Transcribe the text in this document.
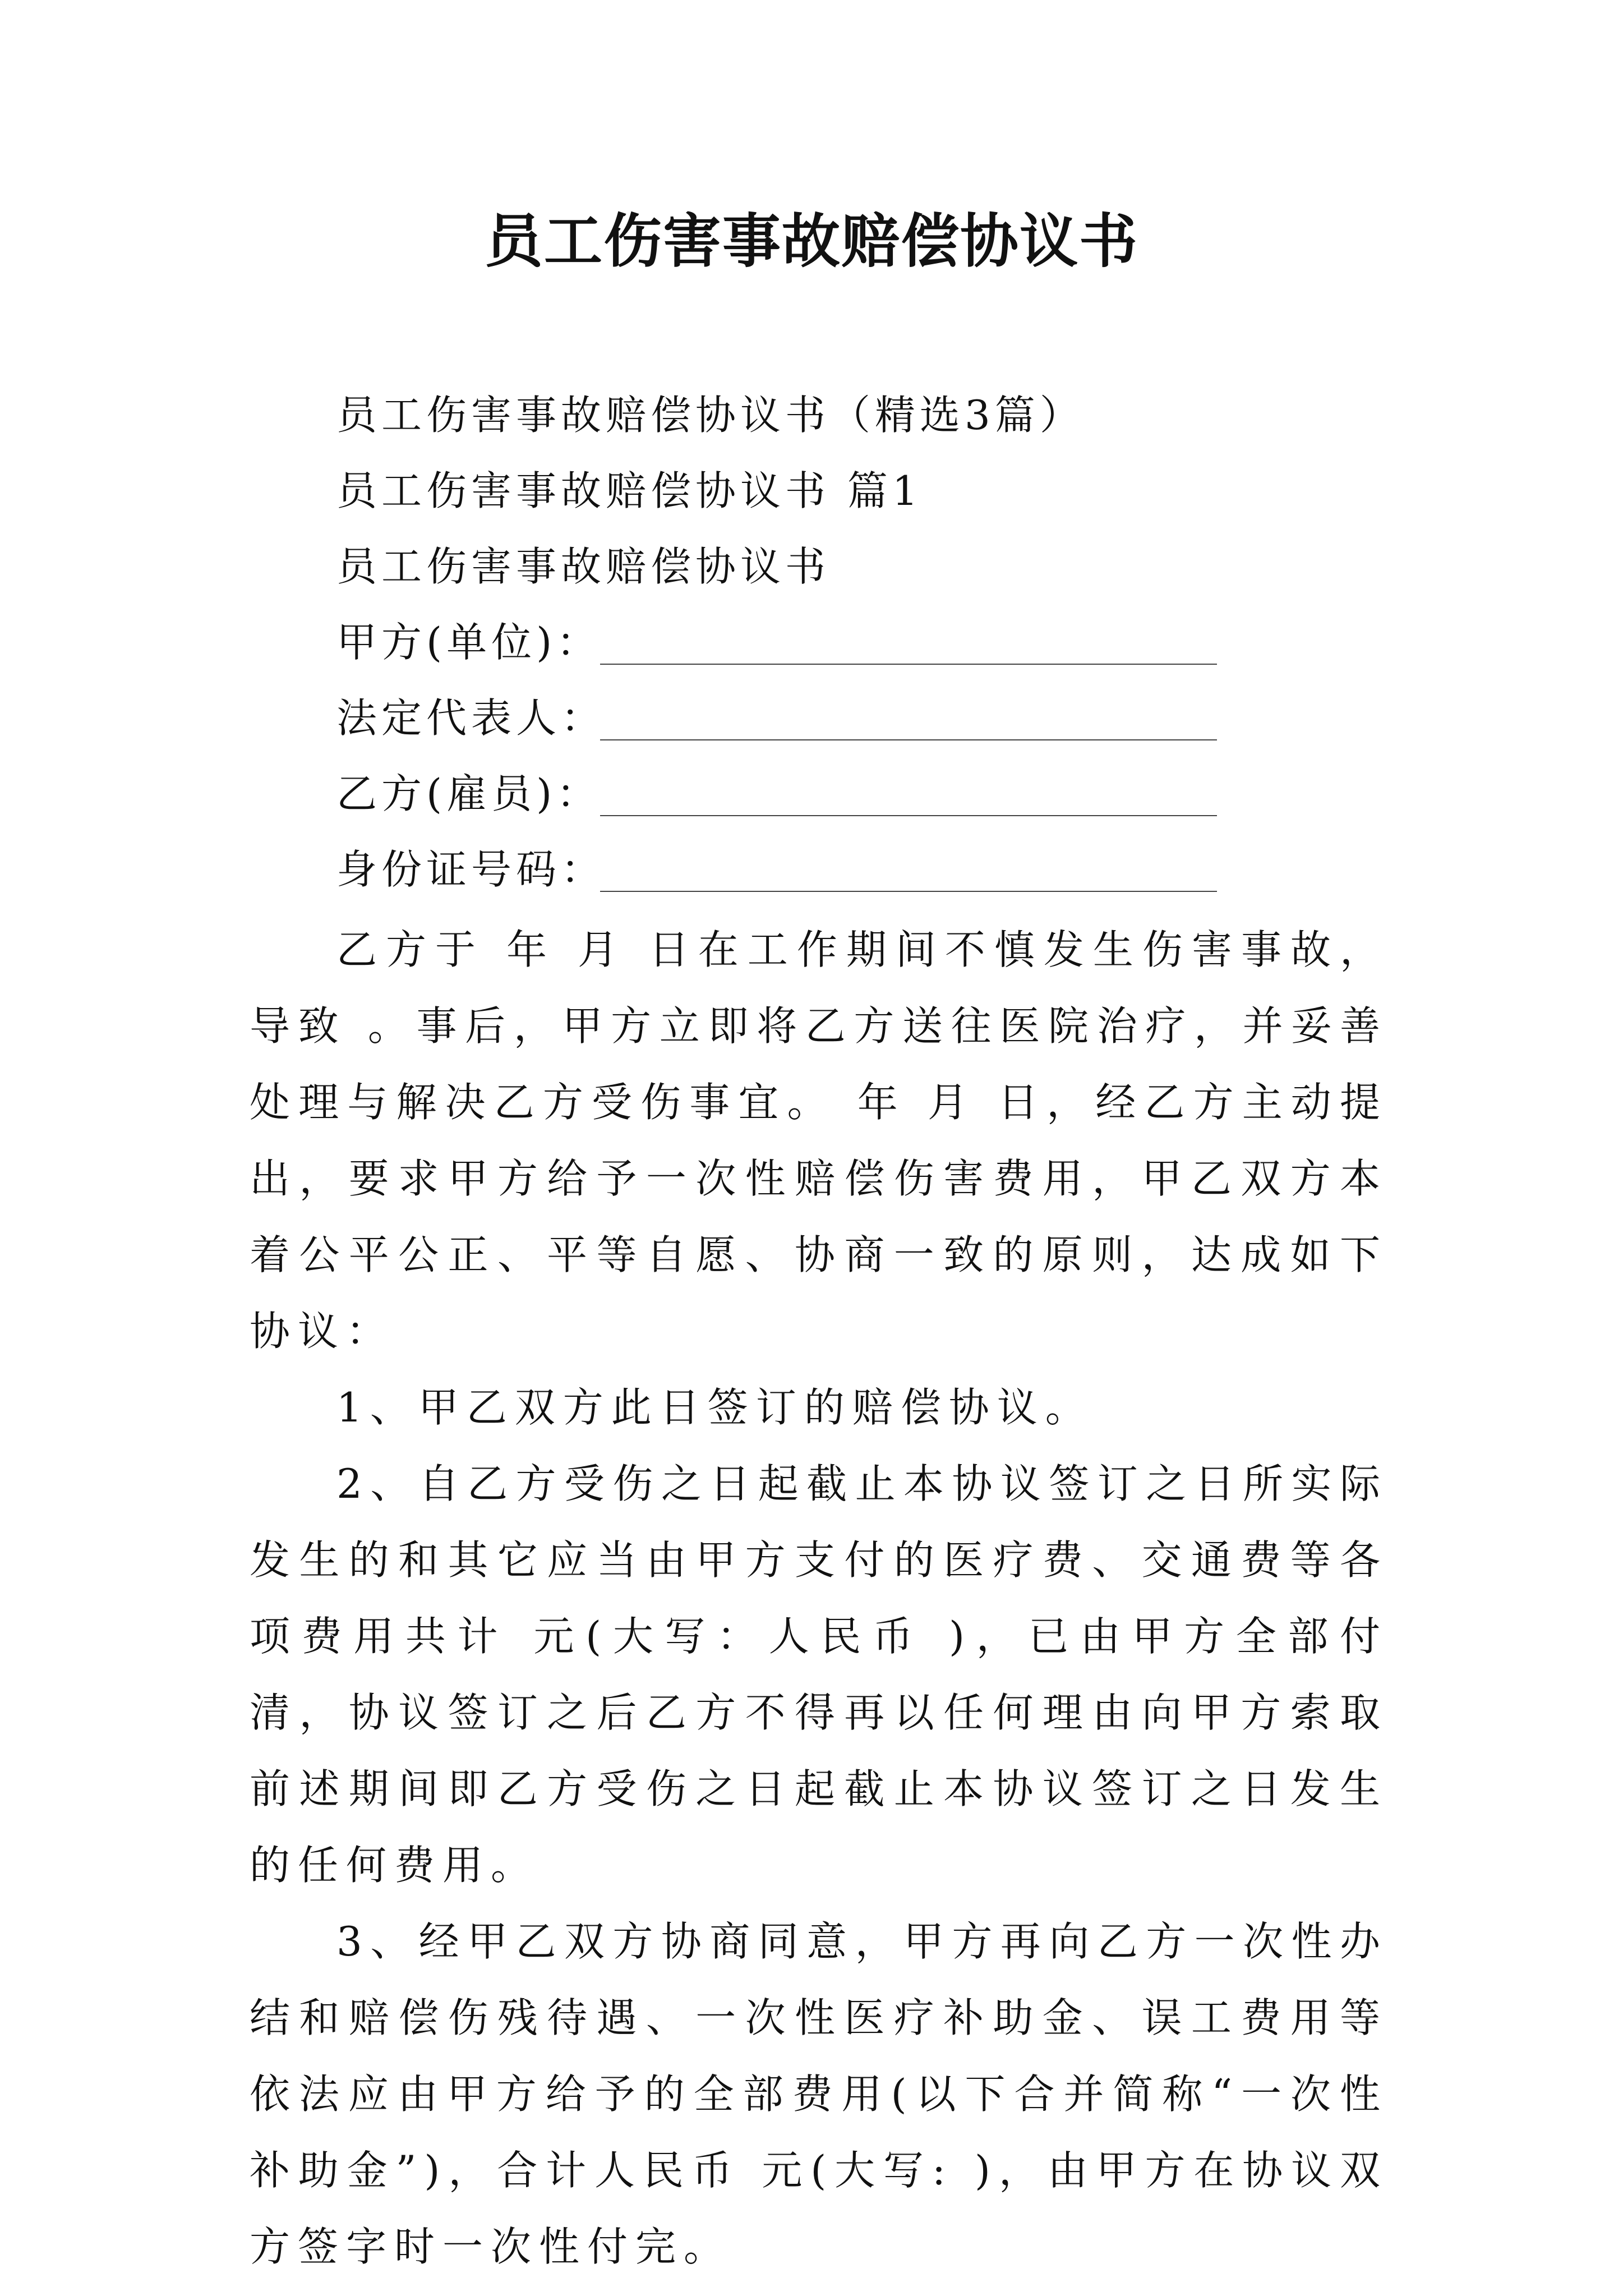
员工伤害事故赔偿协议书
员工伤害事故赔偿协议书（精选3篇）
员工伤害事故赔偿协议书 篇1
员工伤害事故赔偿协议书
甲方(单位)：
法定代表人：
乙方(雇员)：
身份证号码：

乙方于 年 月 日在工作期间不慎发生伤害事故， 导致 。事后，甲方立即将乙方送往医院治疗，并妥善处理与解决乙方受伤事宜。 年 月 日，经乙方主动提出，要求甲方给予一次性赔偿伤害费用，甲乙双方本着公平公正、平等自愿、协商一致的原则，达成如下协议：

1、甲乙双方此日签订的赔偿协议。

2、自乙方受伤之日起截止本协议签订之日所实际发生的和其它应当由甲方支付的医疗费、交通费等各项费用共计 元(大写：人民币 )，已由甲方全部付清，协议签订之后乙方不得再以任何理由向甲方索取前述期间即乙方受伤之日起截止本协议签订之日发生的任何费用。

3、经甲乙双方协商同意，甲方再向乙方一次性办结和赔偿伤残待遇、一次性医疗补助金、误工费用等依法应由甲方给予的全部费用(以下合并简称“一次性补助金”)，合计人民币 元(大写: )，由甲方在协议双方签字时一次性付完。
